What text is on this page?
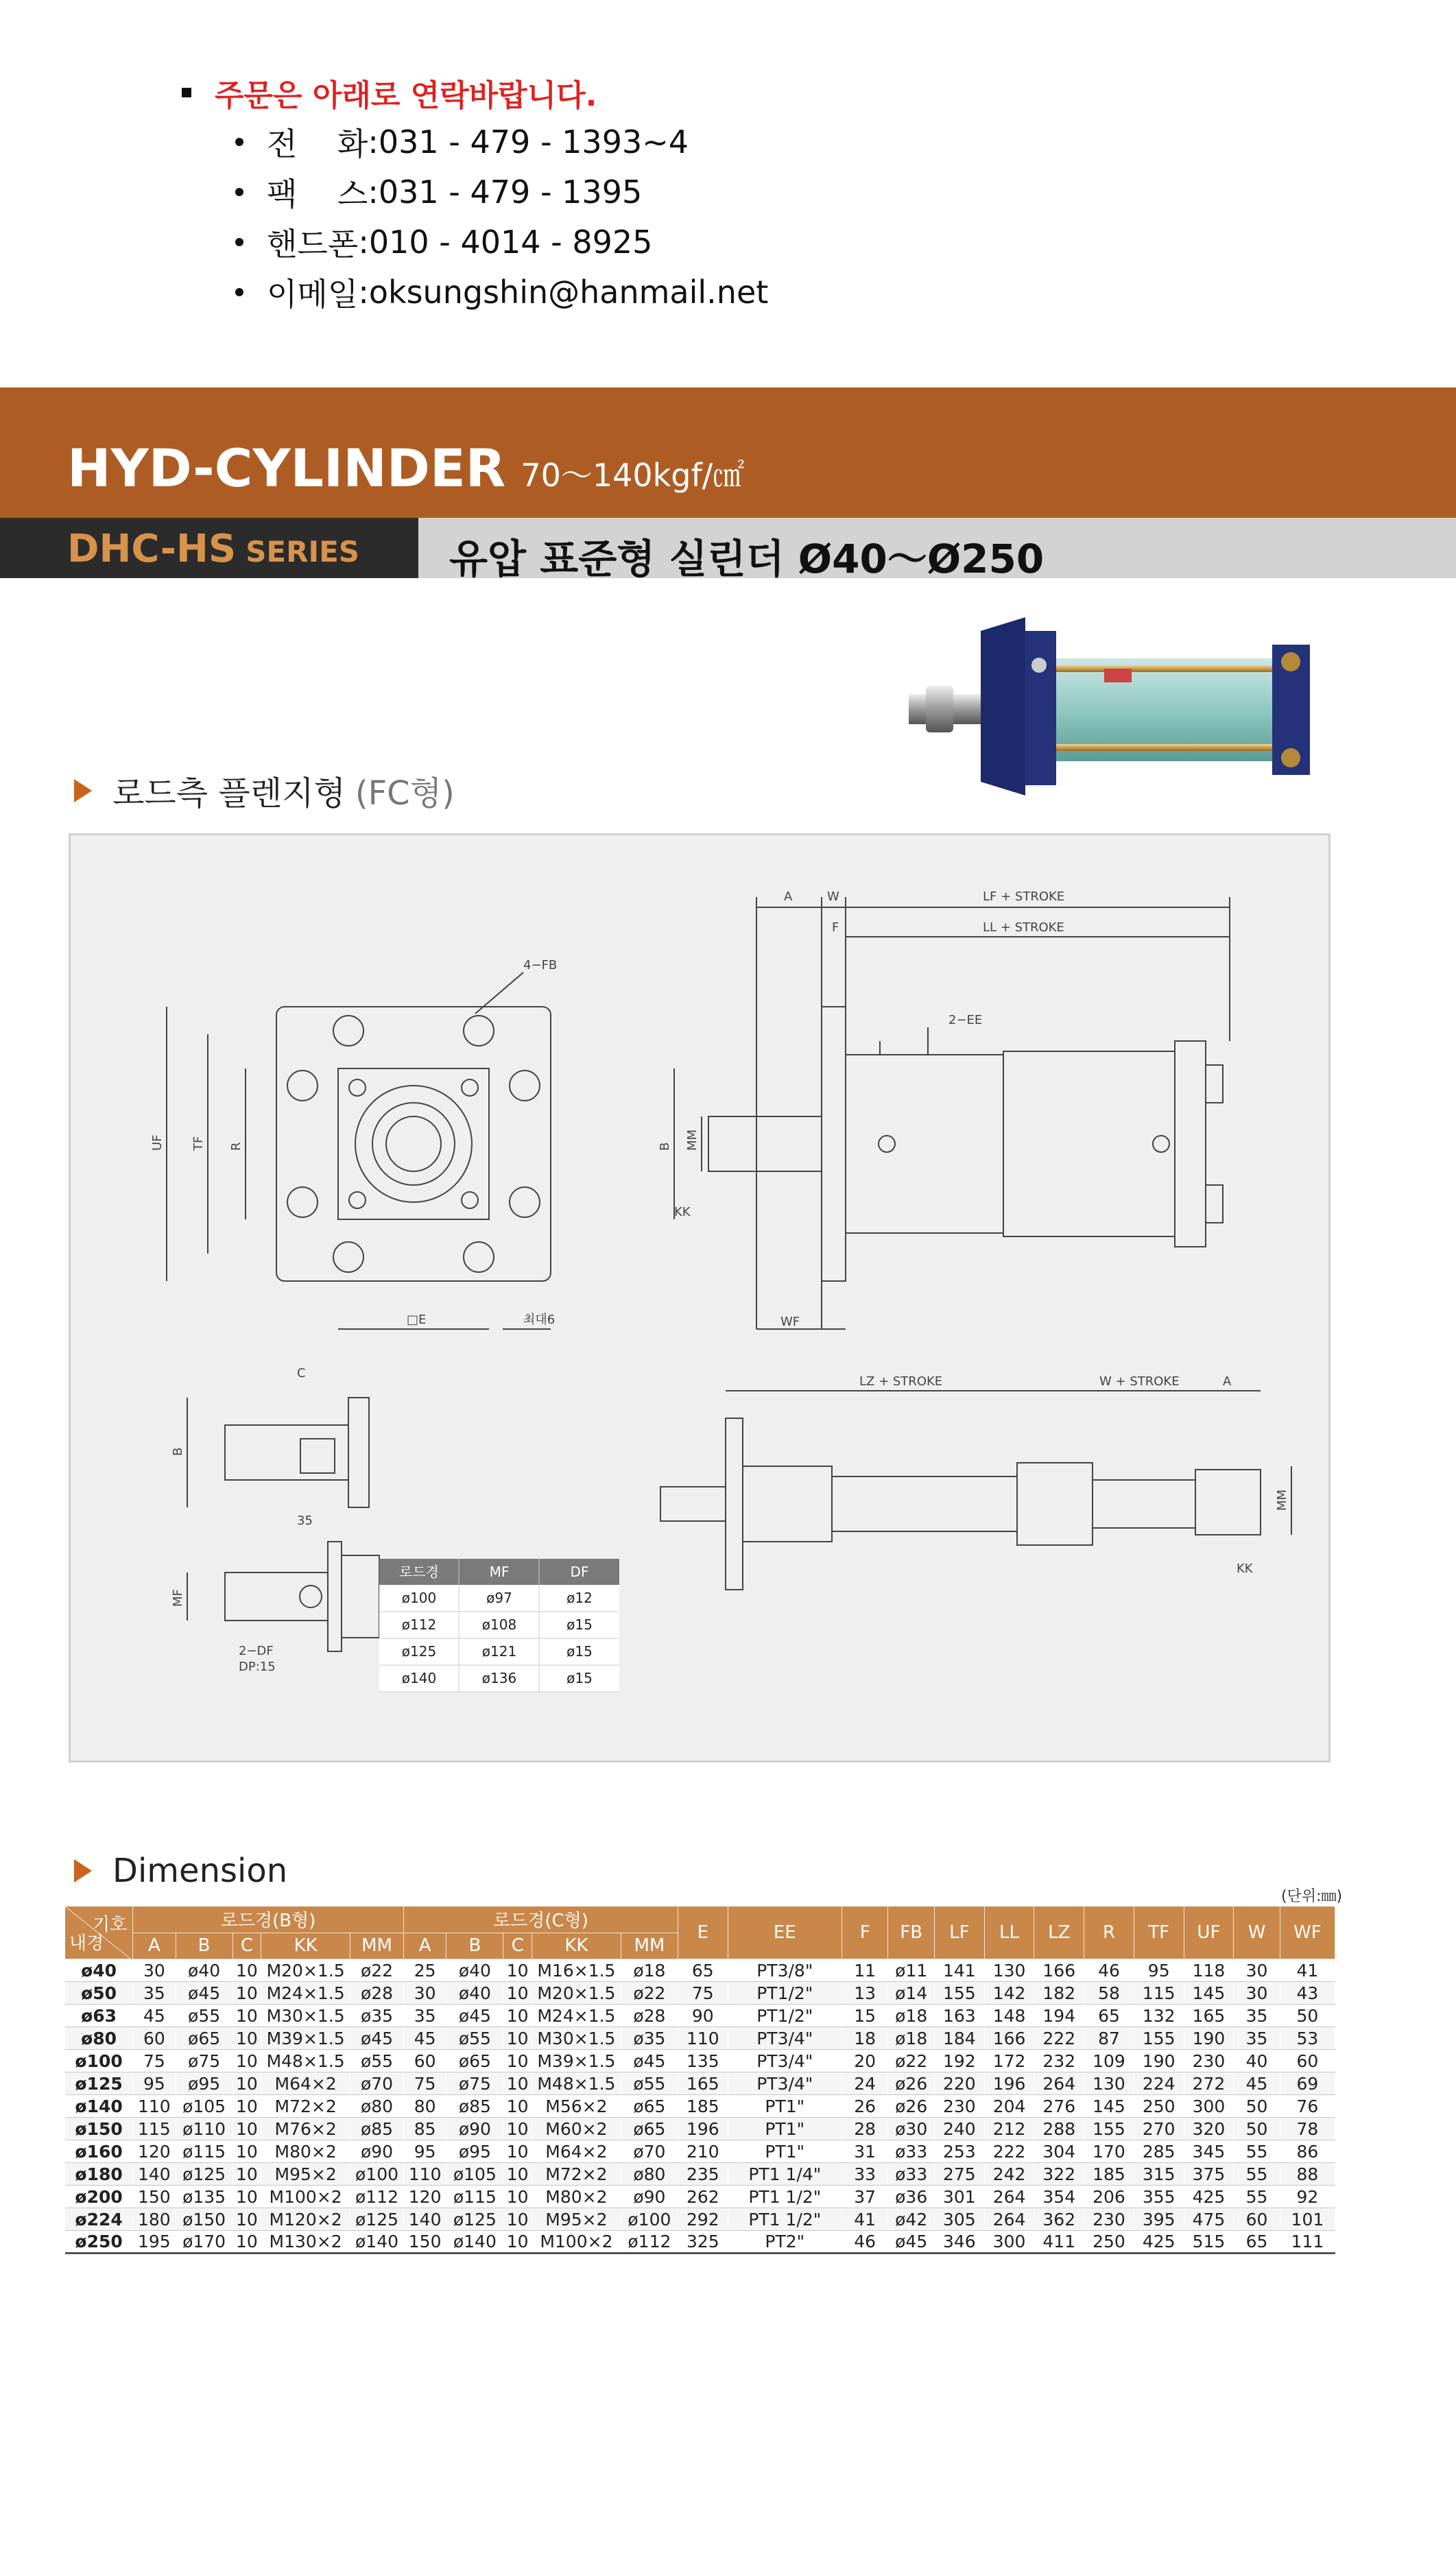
주문은 아래로 연락바랍니다.
전    화 : 031 - 479 - 1393~4
팩    스 : 031 - 479 - 1395
핸드폰 : 010 - 4014 - 8925
이메일 : oksungshin@hanmail.net
HYD-CYLINDER 70～140kgf/㎠
DHC-HS SERIES 유압 표준형 실린더 Ø40～Ø250
로드측 플렌지형 (FC형)
4−FB
UF TF R
□E	최대6
A	W	LF + STROKE
F	LL + STROKE
2−EE
B MM
KK
WF
C
B
35
MF
2−DF
DP:15
LZ + STROKE	W + STROKE	A
MM
KK
로드경	MF	DF
ø100	ø97	ø12
ø112	ø108	ø15
ø125	ø121	ø15
ø140	ø136	ø15
Dimension
(단위:㎜)
기호
내경	로드경(B형)					로드경(C형)					E	EE	F	FB	LF	LL	LZ	R	TF	UF	W	WF
	A	B	C	KK	MM	A	B	C	KK	MM												
ø40	30	ø40	10	M20×1.5	ø22	25	ø40	10	M16×1.5	ø18	65	PT3/8"	11	ø11	141	130	166	46	95	118	30	41
ø50	35	ø45	10	M24×1.5	ø28	30	ø40	10	M20×1.5	ø22	75	PT1/2"	13	ø14	155	142	182	58	115	145	30	43
ø63	45	ø55	10	M30×1.5	ø35	35	ø45	10	M24×1.5	ø28	90	PT1/2"	15	ø18	163	148	194	65	132	165	35	50
ø80	60	ø65	10	M39×1.5	ø45	45	ø55	10	M30×1.5	ø35	110	PT3/4"	18	ø18	184	166	222	87	155	190	35	53
ø100	75	ø75	10	M48×1.5	ø55	60	ø65	10	M39×1.5	ø45	135	PT3/4"	20	ø22	192	172	232	109	190	230	40	60
ø125	95	ø95	10	M64×2	ø70	75	ø75	10	M48×1.5	ø55	165	PT3/4"	24	ø26	220	196	264	130	224	272	45	69
ø140	110	ø105	10	M72×2	ø80	80	ø85	10	M56×2	ø65	185	PT1"	26	ø26	230	204	276	145	250	300	50	76
ø150	115	ø110	10	M76×2	ø85	85	ø90	10	M60×2	ø65	196	PT1"	28	ø30	240	212	288	155	270	320	50	78
ø160	120	ø115	10	M80×2	ø90	95	ø95	10	M64×2	ø70	210	PT1"	31	ø33	253	222	304	170	285	345	55	86
ø180	140	ø125	10	M95×2	ø100	110	ø105	10	M72×2	ø80	235	PT1 1/4"	33	ø33	275	242	322	185	315	375	55	88
ø200	150	ø135	10	M100×2	ø112	120	ø115	10	M80×2	ø90	262	PT1 1/2"	37	ø36	301	264	354	206	355	425	55	92
ø224	180	ø150	10	M120×2	ø125	140	ø125	10	M95×2	ø100	292	PT1 1/2"	41	ø42	305	264	362	230	395	475	60	101
ø250	195	ø170	10	M130×2	ø140	150	ø140	10	M100×2	ø112	325	PT2"	46	ø45	346	300	411	250	425	515	65	111
